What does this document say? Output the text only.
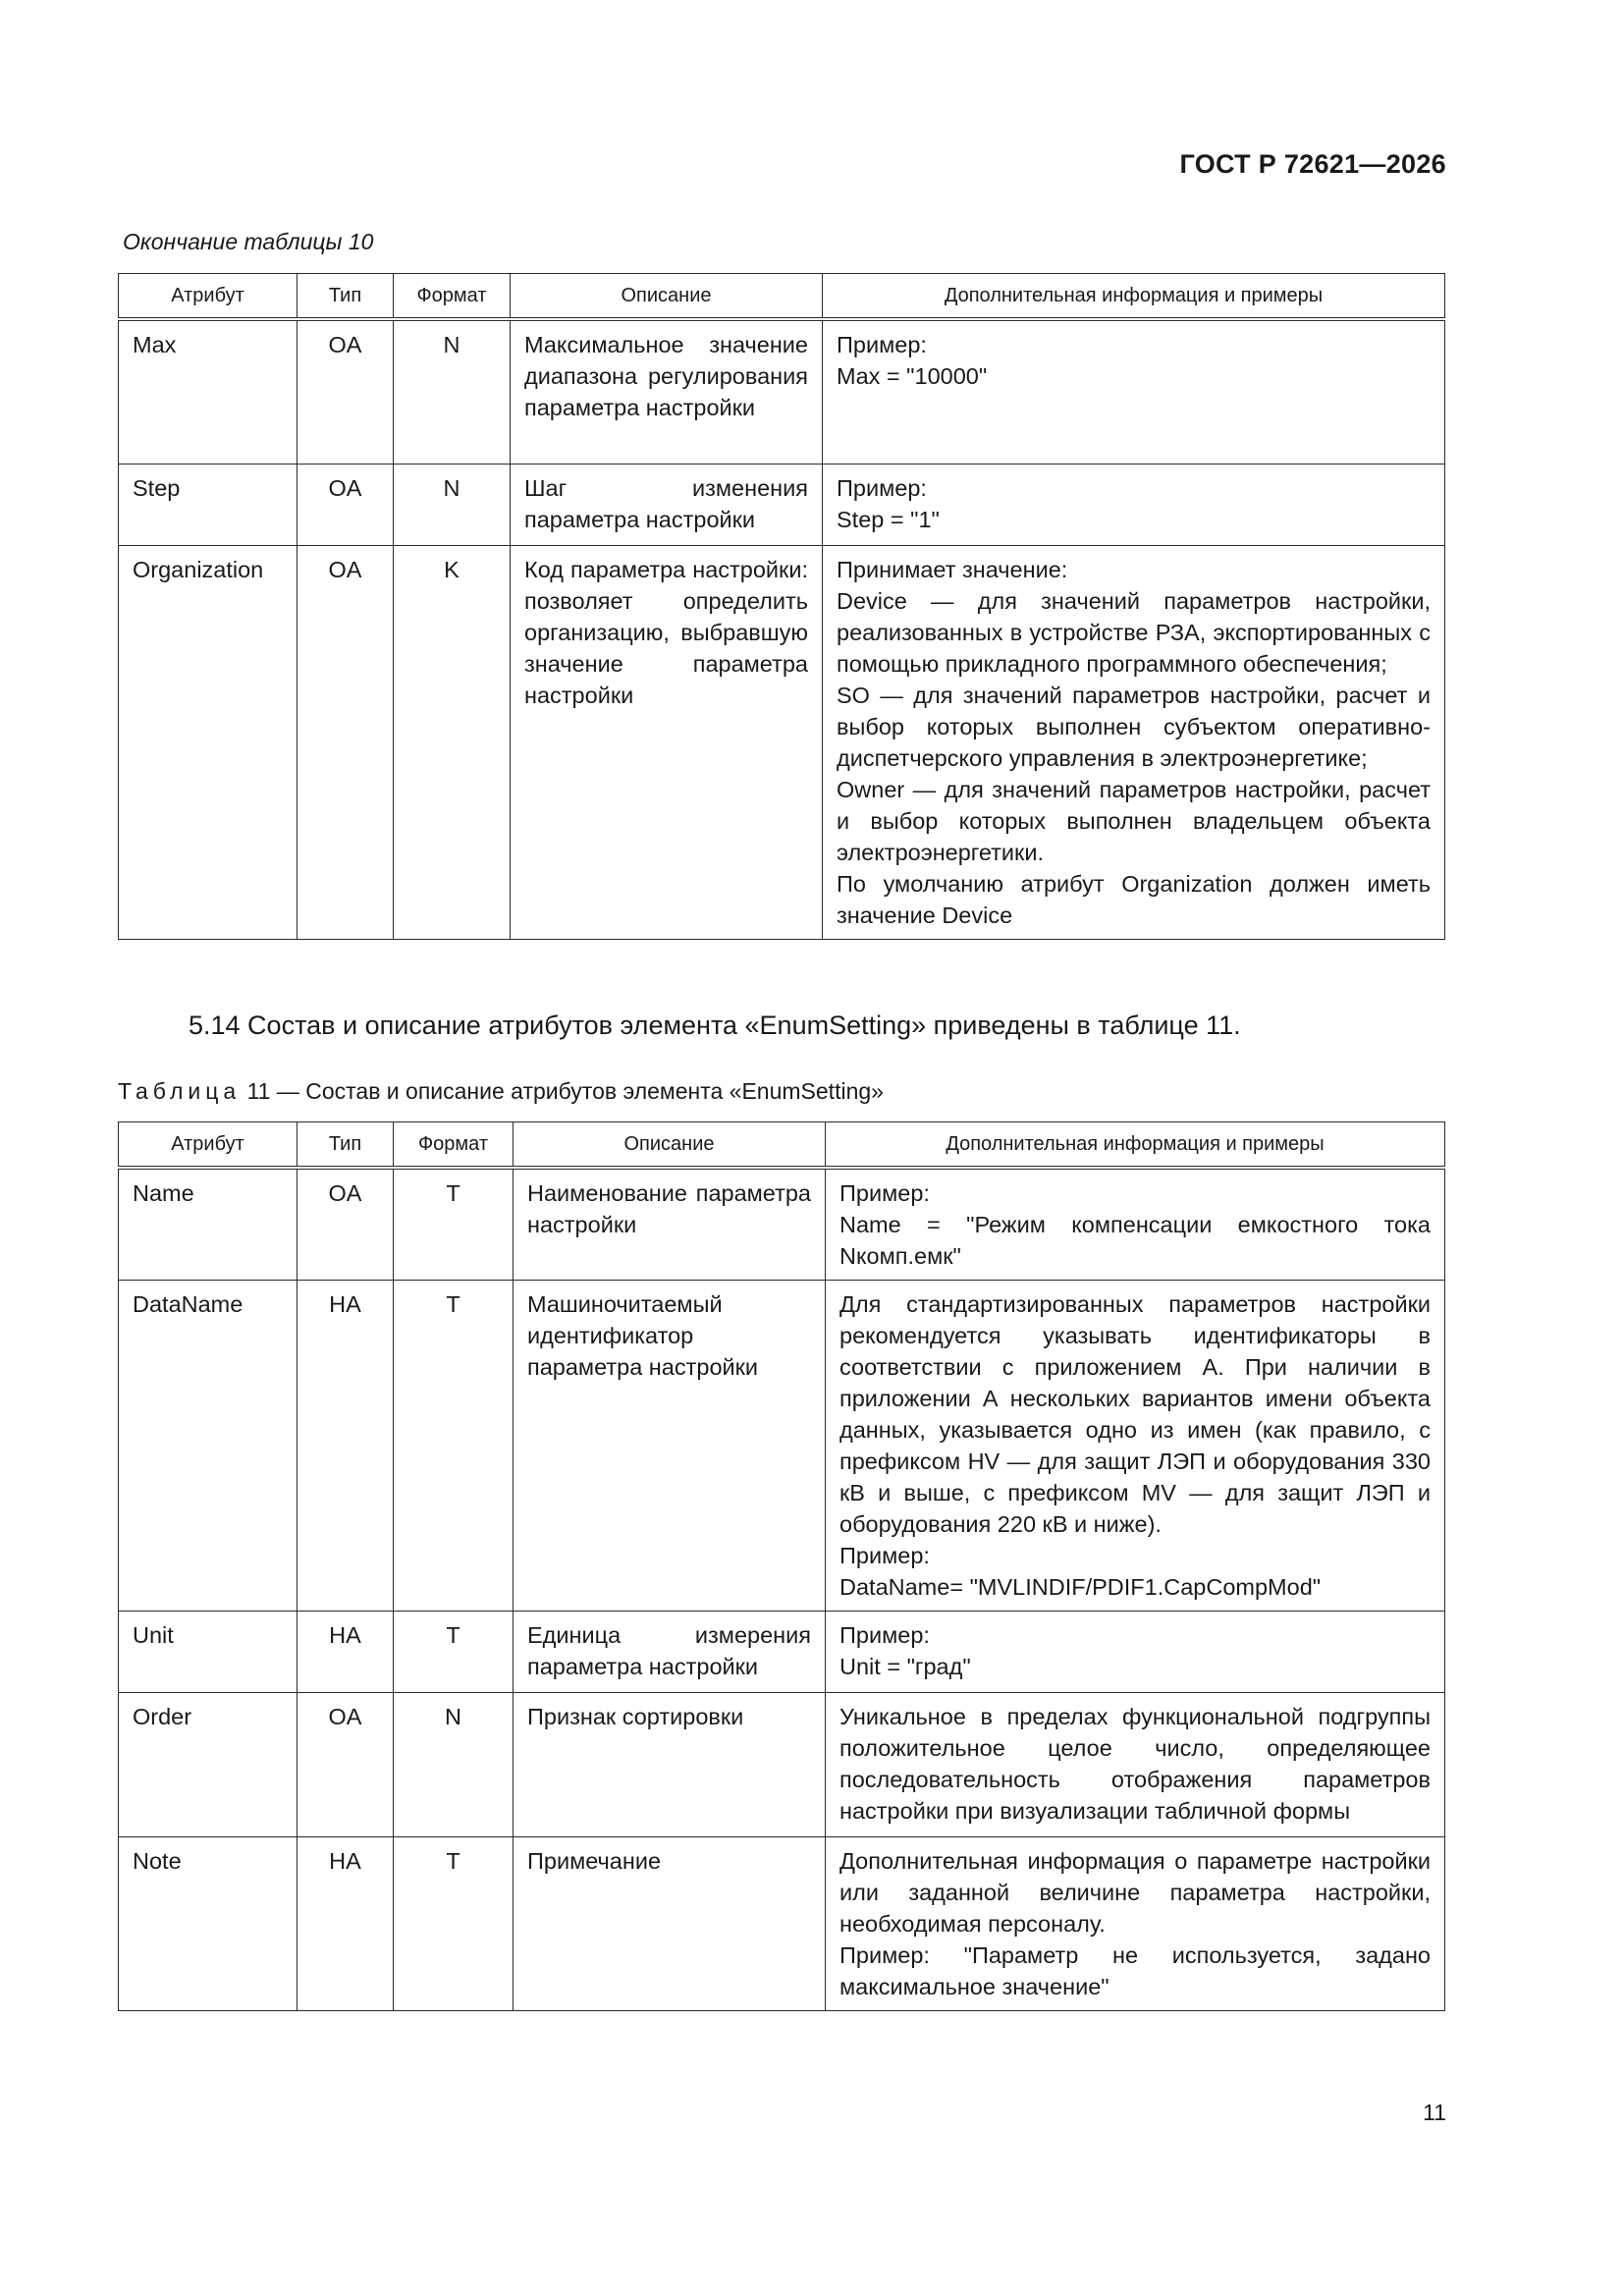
ГОСТ Р 72621—2026
Окончание таблицы 10
Атрибут	Тип	Формат	Описание	Дополнительная информация и примеры
Max	OA	N	Максимальное значение диапазона регулирования параметра настройки	Пример:

Max = "10000"

Step	OA	N	Шаг изменения параметра настройки	Пример:

Step = "1"

Organization	OA	K	Код параметра настройки: позволяет определить организацию, выбравшую значение параметра настройки	Принимает значение:

Device — для значений параметров настройки, реализованных в устройстве РЗА, экспортированных с помощью прикладного программного обеспечения;

SO — для значений параметров настройки, расчет и выбор которых выполнен субъектом оперативно-диспетчерского управления в электроэнергетике;

Owner — для значений параметров настройки, расчет и выбор которых выполнен владельцем объекта электроэнергетики.

По умолчанию атрибут Organization должен иметь значение Device

5.14 Состав и описание атрибутов элемента «EnumSetting» приведены в таблице 11.
Таблица 11 — Состав и описание атрибутов элемента «EnumSetting»
Атрибут	Тип	Формат	Описание	Дополнительная информация и примеры
Name	OA	T	Наименование параметра настройки	Пример:

Name = "Режим компенсации емкостного тока Nкомп.емк"

DataName	НА	T	Машиночитаемый идентификатор параметра настройки	Для стандартизированных параметров настройки рекомендуется указывать идентификаторы в соответствии с приложением А. При наличии в приложении А нескольких вариантов имени объекта данных, указывается одно из имен (как правило, с префиксом HV — для защит ЛЭП и оборудования 330 кВ и выше, с префиксом MV — для защит ЛЭП и оборудования 220 кВ и ниже).

Пример:

DataName= "MVLINDIF/PDIF1.CapCompMod"

Unit	НА	T	Единица измерения параметра настройки	Пример:

Unit = "град"

Order	OA	N	Признак сортировки	Уникальное в пределах функциональной подгруппы положительное целое число, определяющее последовательность отображения параметров настройки при визуализации табличной формы

Note	НА	T	Примечание	Дополнительная информация о параметре настройки или заданной величине параметра настройки, необходимая персоналу.

Пример: "Параметр не используется, задано максимальное значение"

11
